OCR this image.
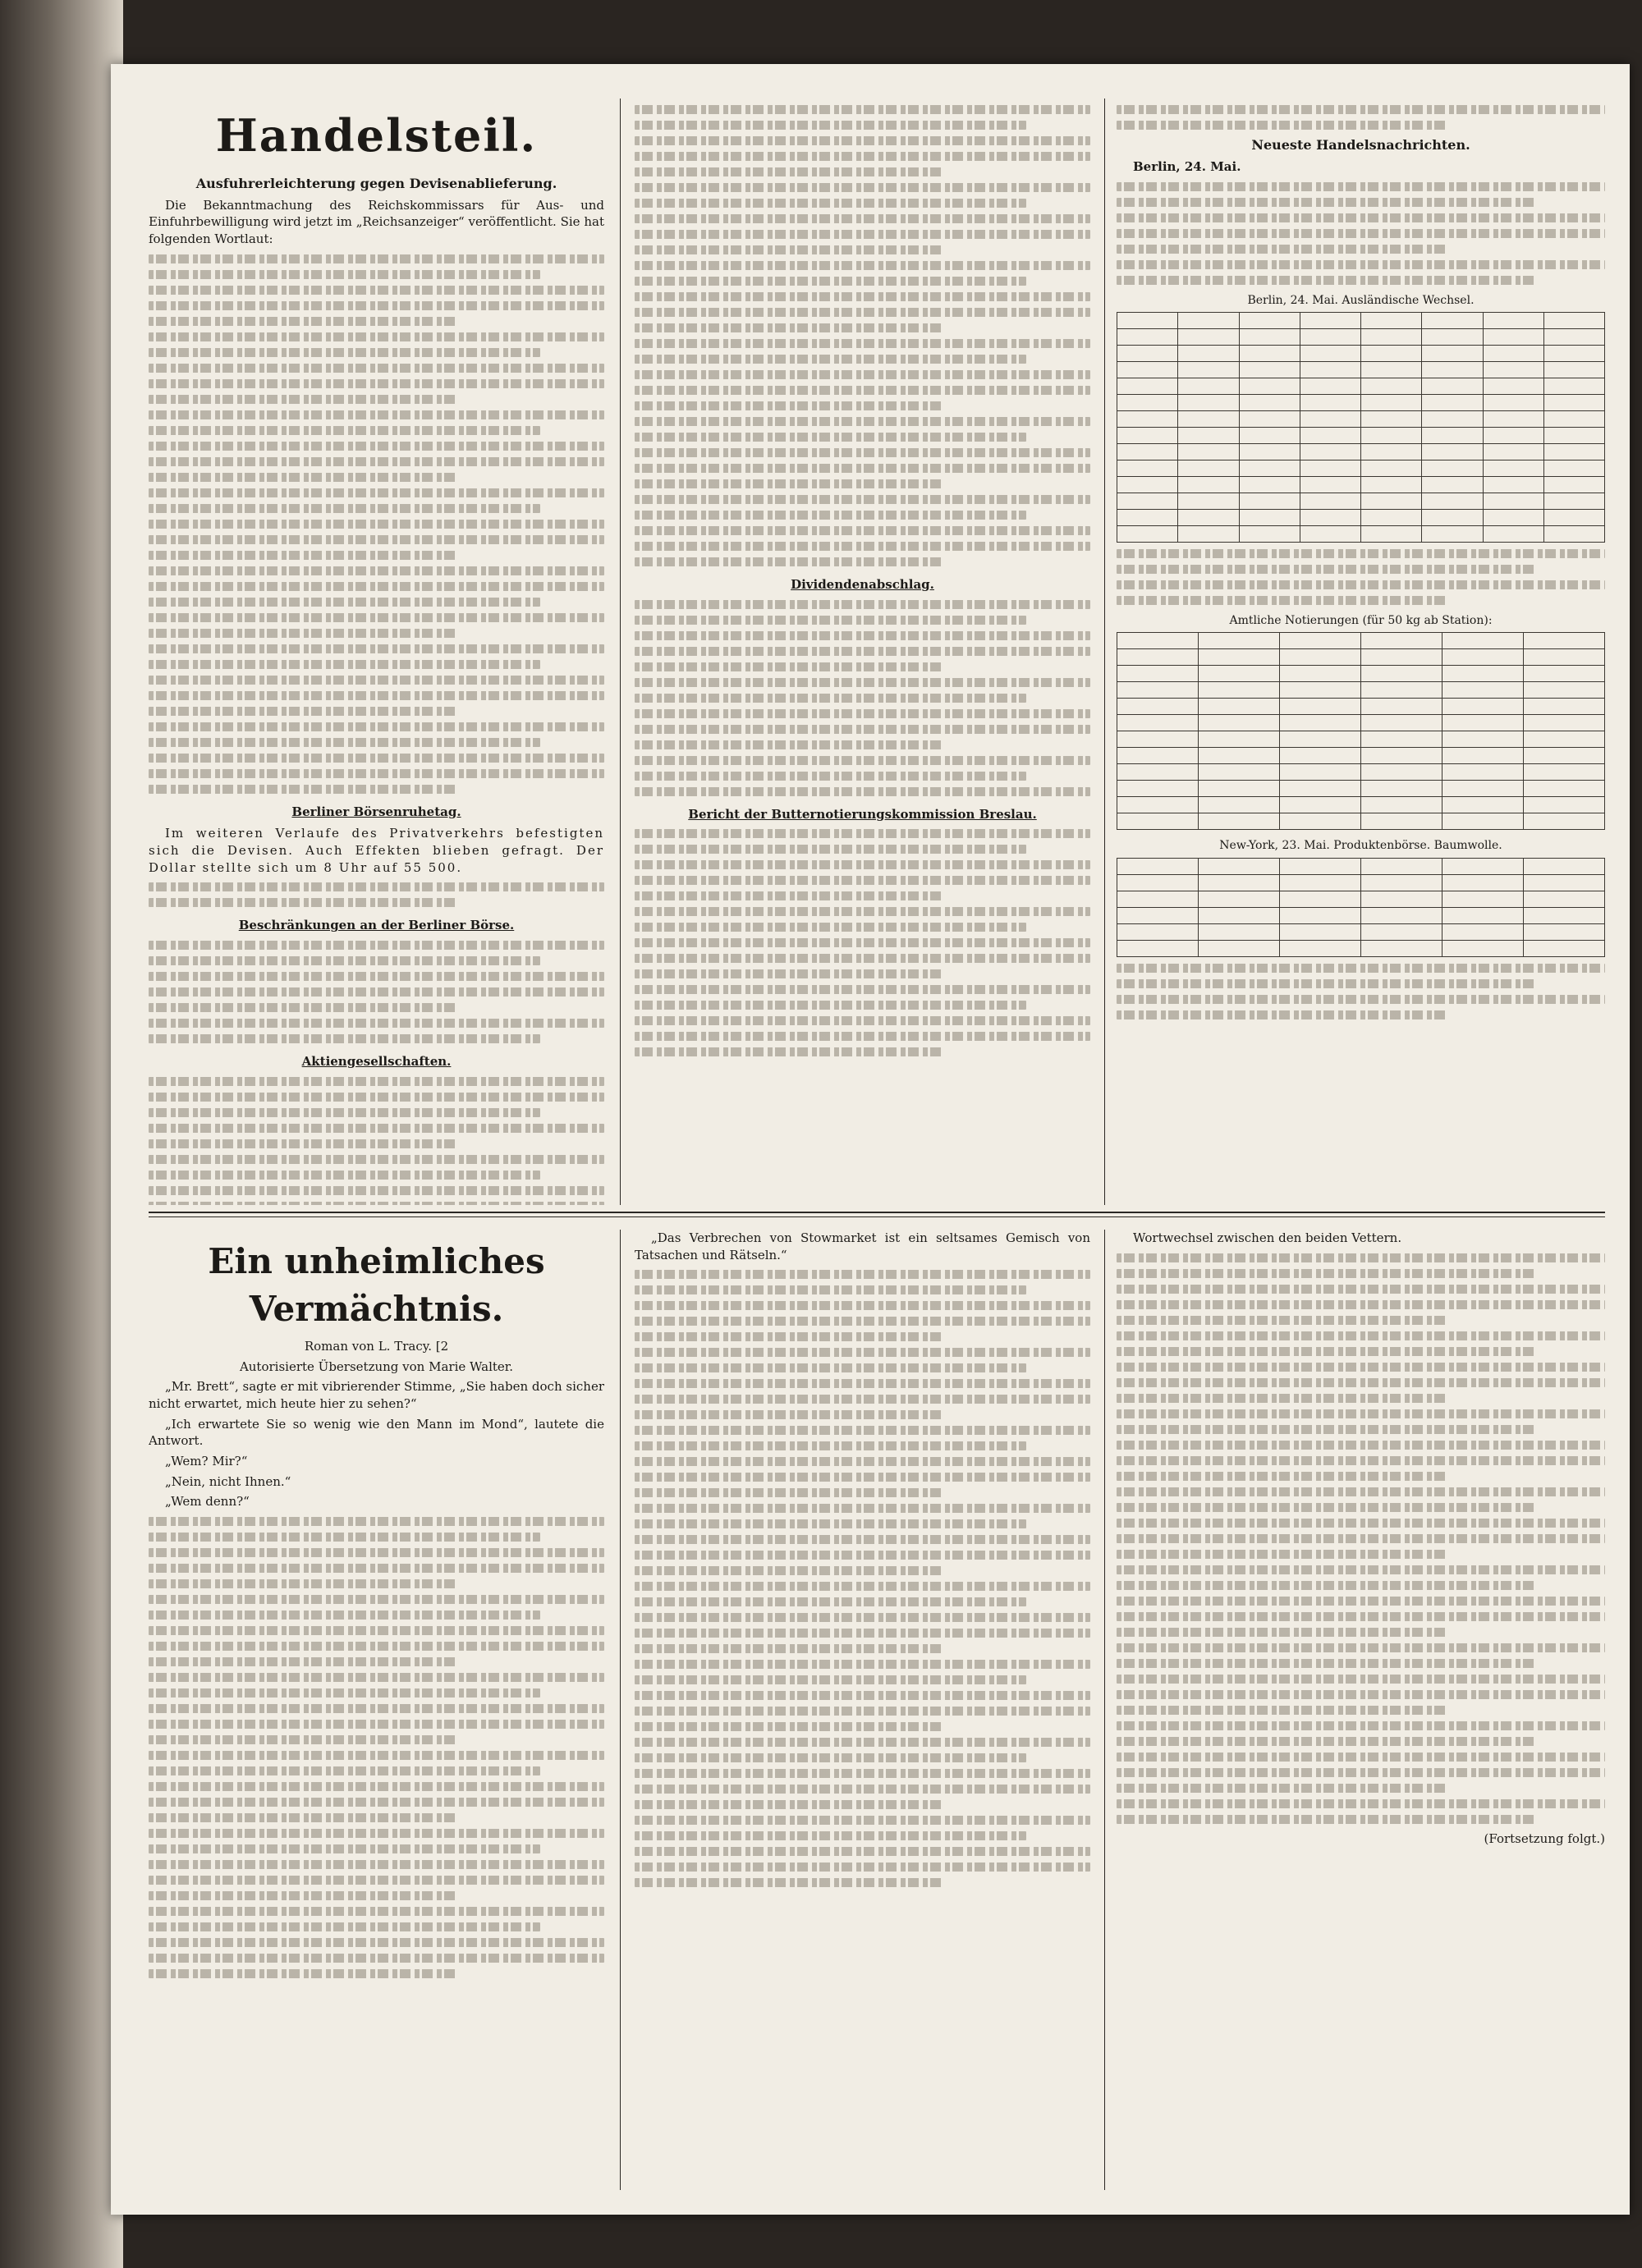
Handelsteil.
Ausfuhrerleichterung gegen Devisenablieferung.

Die Bekanntmachung des Reichskommissars für Aus- und Einfuhrbewilligung wird jetzt im „Reichsanzeiger“ veröffentlicht. Sie hat folgenden Wortlaut:

Berliner Börsenruhetag.

Im weiteren Verlaufe des Privatverkehrs befestigten sich die Devisen. Auch Effekten blieben gefragt. Der Dollar stellte sich um 8 Uhr auf 55 500.

Beschränkungen an der Berliner Börse.
Aktiengesellschaften.
Dividendenabschlag.
Bericht der Butternotierungskommission Breslau.
Neueste Handelsnachrichten.

Berlin, 24. Mai.

Berlin, 24. Mai. Ausländische Wechsel.

Amtliche Notierungen (für 50 kg ab Station):

New-York, 23. Mai. Produktenbörse. Baumwolle.

Ein unheimliches Vermächtnis.
Roman von L. Tracy. [2
Autorisierte Übersetzung von Marie Walter.

„Mr. Brett“, sagte er mit vibrierender Stimme, „Sie haben doch sicher nicht erwartet, mich heute hier zu sehen?“

„Ich erwartete Sie so wenig wie den Mann im Mond“, lautete die Antwort.

„Wem? Mir?“

„Nein, nicht Ihnen.“

„Wem denn?“

„Das Verbrechen von Stowmarket ist ein seltsames Gemisch von Tatsachen und Rätseln.“

Wortwechsel zwischen den beiden Vettern.

(Fortsetzung folgt.)
